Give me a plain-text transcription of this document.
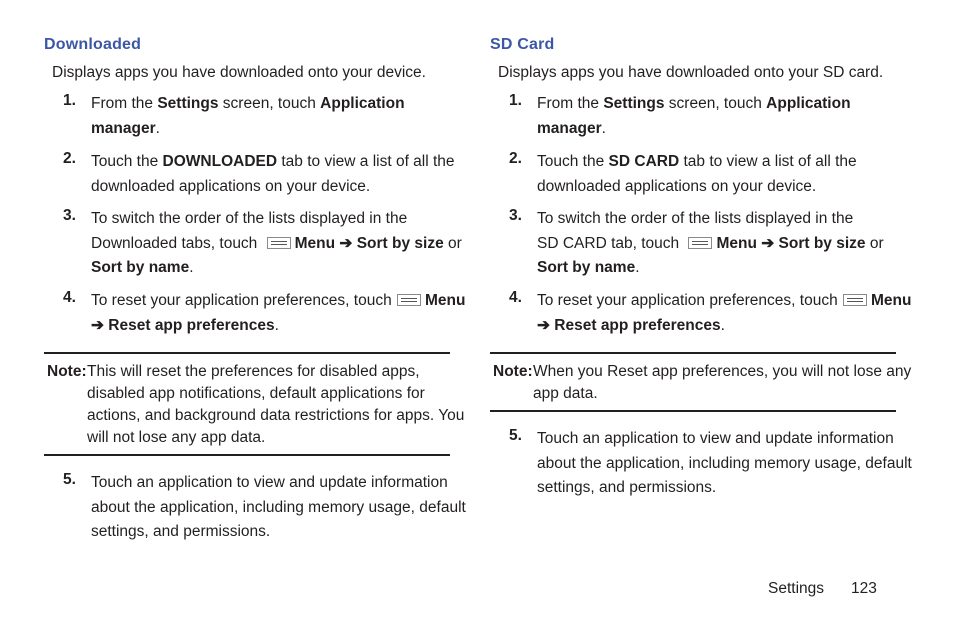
Downloaded
Displays apps you have downloaded onto your device.
1. From the Settings screen, touch Application
manager.
2. Touch the DOWNLOADED tab to view a list of all the
downloaded applications on your device.
3. To switch the order of the lists displayed in the
Downloaded tabs, touch Menu ➔ Sort by size or
Sort by name.
4. To reset your application preferences, touch Menu
➔ Reset app preferences.
Note: This will reset the preferences for disabled apps,
disabled app notifications, default applications for
actions, and background data restrictions for apps. You
will not lose any app data.
5. Touch an application to view and update information
about the application, including memory usage, default
settings, and permissions.
SD Card
Displays apps you have downloaded onto your SD card.
1. From the Settings screen, touch Application
manager.
2. Touch the SD CARD tab to view a list of all the
downloaded applications on your device.
3. To switch the order of the lists displayed in the
SD CARD tab, touch Menu ➔ Sort by size or
Sort by name.
4. To reset your application preferences, touch Menu
➔ Reset app preferences.
Note: When you Reset app preferences, you will not lose any
app data.
5. Touch an application to view and update information
about the application, including memory usage, default
settings, and permissions.
Settings 123
